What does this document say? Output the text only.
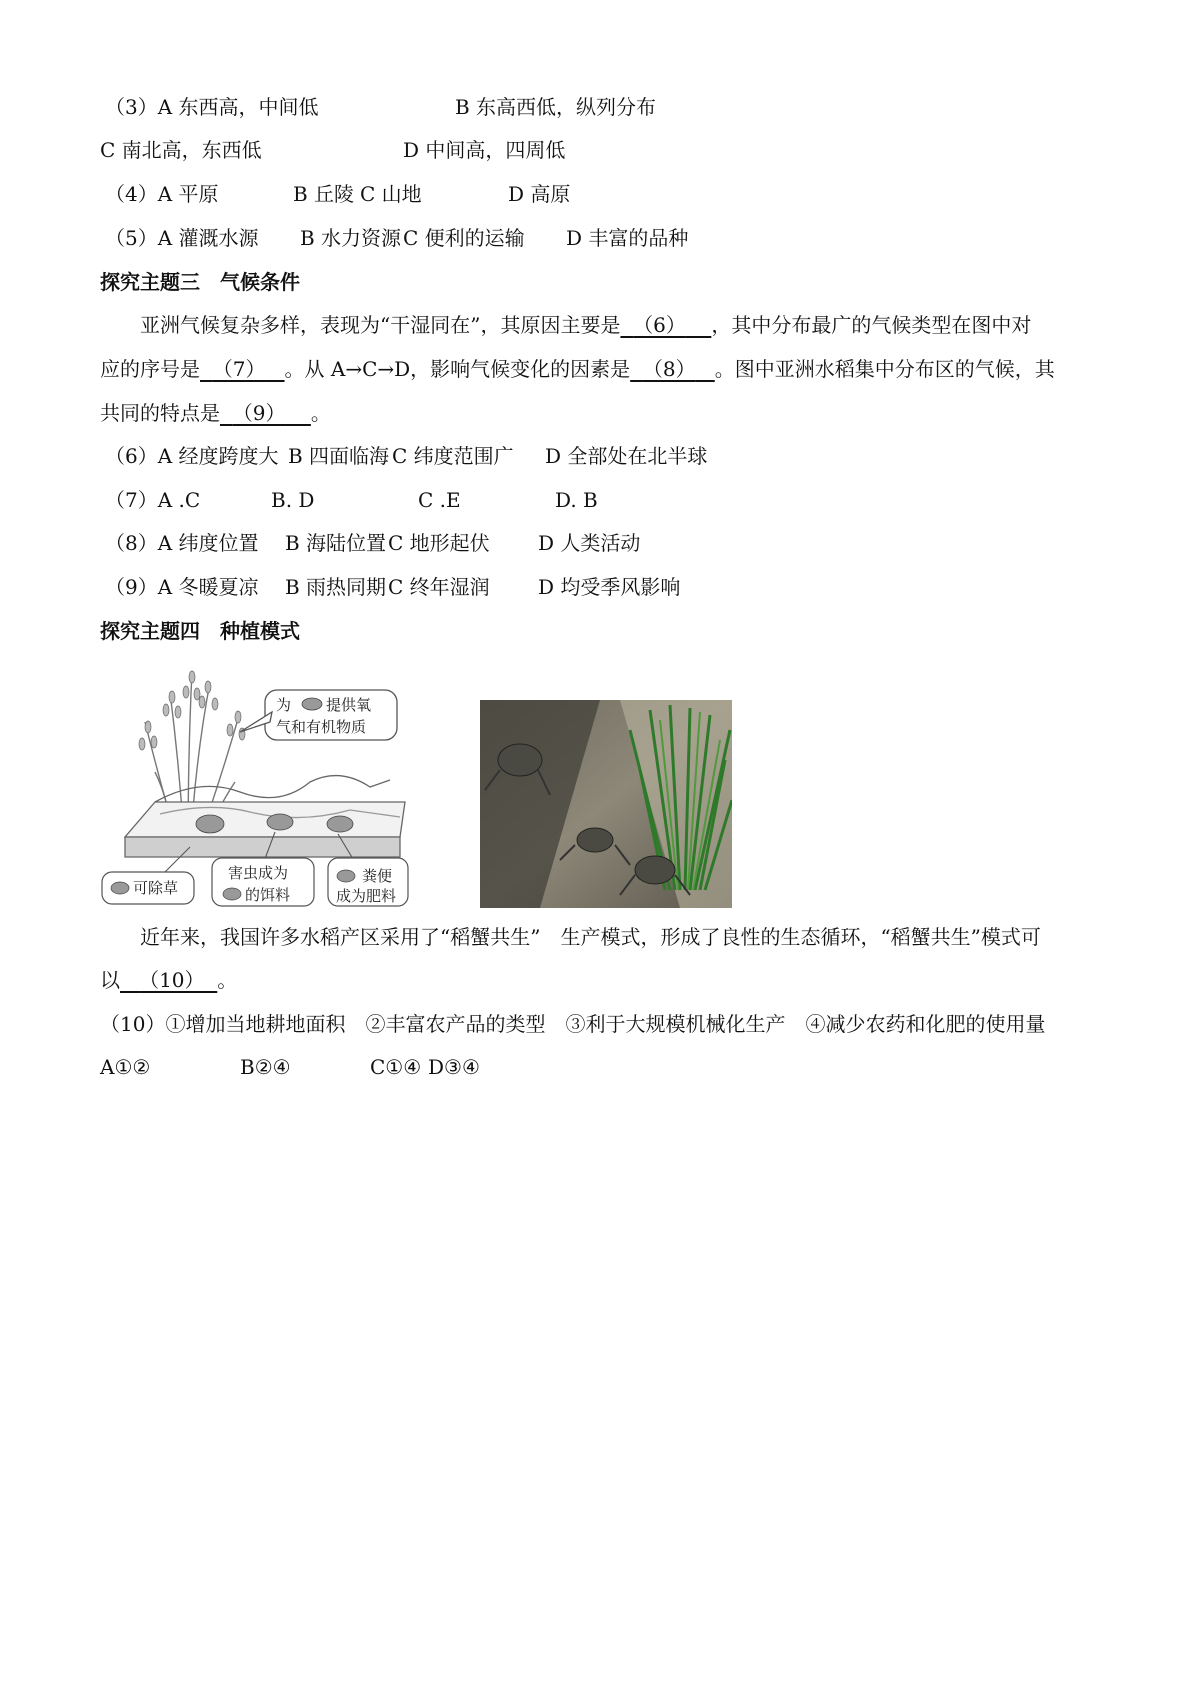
（3）A 东西高，中间低	B 东高西低，纵列分布
C 南北高，东西低	D 中间高，四周低
（4）A 平原	B 丘陵 C 山地	D 高原
（5）A 灌溉水源 B 水力资源 C 便利的运输 D 丰富的品种
探究主题三　气候条件
亚洲气候复杂多样，表现为“干湿同在”，其原因主要是 （6） ，其中分布最广的气候类型在图中对
应的序号是 （7） 。从 A→C→D，影响气候变化的因素是 （8） 。图中亚洲水稻集中分布区的气候，其
共同的特点是 （9） 。
（6）A 经度跨度大 B 四面临海 C 纬度范围广 D 全部处在北半球
（7）A .C	B. D	C .E	D. B
（8）A 纬度位置 B 海陆位置 C 地形起伏 D 人类活动
（9）A 冬暖夏凉 B 雨热同期 C 终年湿润 D 均受季风影响
探究主题四　种植模式
为 提供氧
气和有机物质
可除草
害虫成为
的饵料
粪便
成为肥料
近年来，我国许多水稻产区采用了“稻蟹共生”　生产模式，形成了良性的生态循环，“稻蟹共生”模式可
以 （10） 。
（10）①增加当地耕地面积　②丰富农产品的类型　③利于大规模机械化生产　④减少农药和化肥的使用量
A①②	B②④	C①④ D③④
